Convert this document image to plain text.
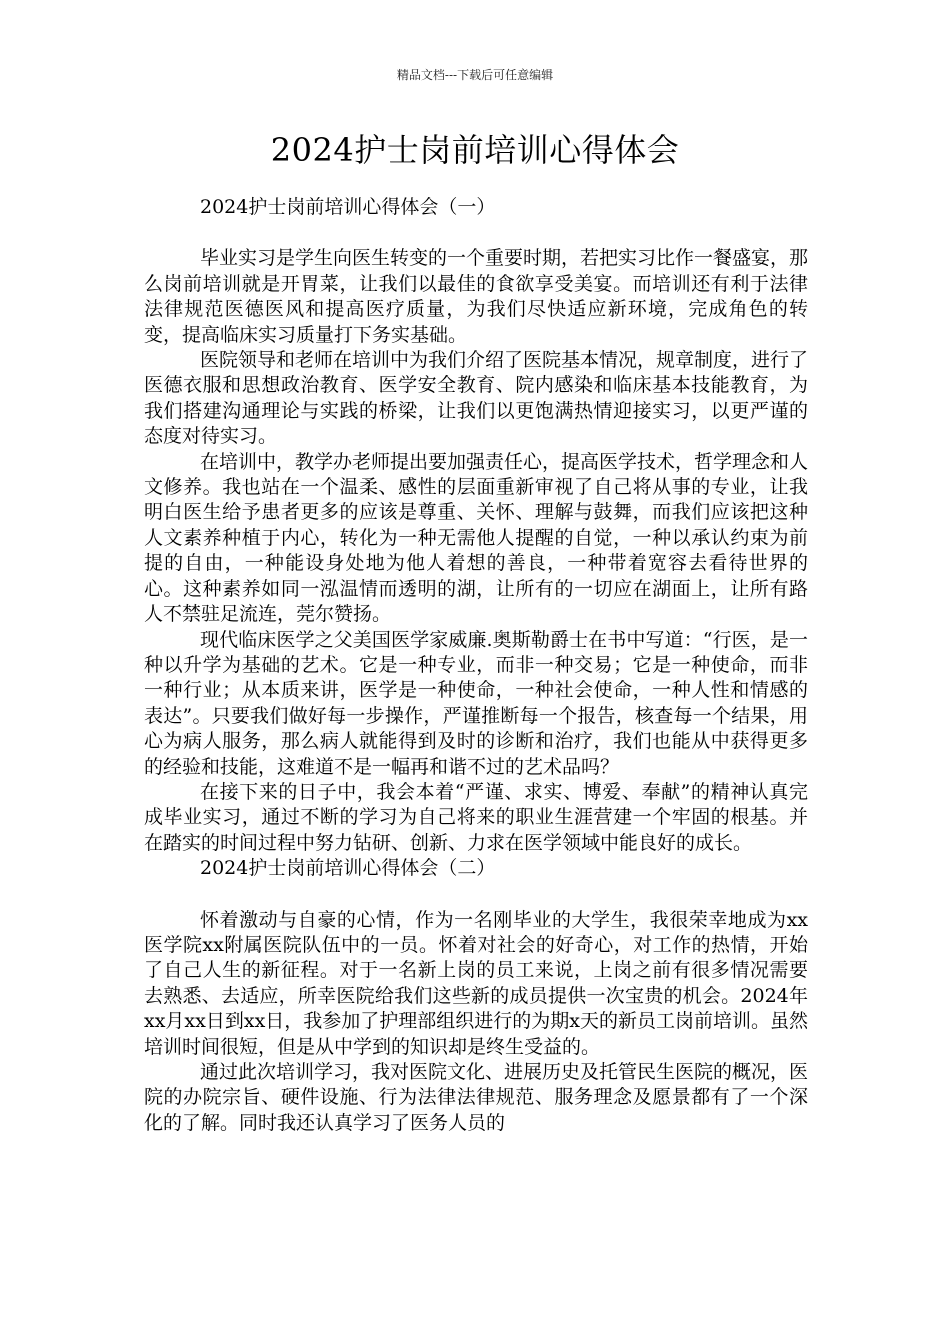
精品文档---下载后可任意编辑
2024护士岗前培训心得体会

2024护士岗前培训心得体会（一）

毕业实习是学生向医生转变的一个重要时期，若把实习比作一餐盛宴，那么岗前培训就是开胃菜，让我们以最佳的食欲享受美宴。而培训还有利于法律法律规范医德医风和提高医疗质量，为我们尽快适应新环境，完成角色的转变，提高临床实习质量打下务实基础。

医院领导和老师在培训中为我们介绍了医院基本情况，规章制度，进行了医德衣服和思想政治教育、医学安全教育、院内感染和临床基本技能教育，为我们搭建沟通理论与实践的桥梁，让我们以更饱满热情迎接实习，以更严谨的态度对待实习。

在培训中，教学办老师提出要加强责任心，提高医学技术，哲学理念和人文修养。我也站在一个温柔、感性的层面重新审视了自己将从事的专业，让我明白医生给予患者更多的应该是尊重、关怀、理解与鼓舞，而我们应该把这种人文素养种植于内心，转化为一种无需他人提醒的自觉，一种以承认约束为前提的自由，一种能设身处地为他人着想的善良，一种带着宽容去看待世界的心。这种素养如同一泓温情而透明的湖，让所有的一切应在湖面上，让所有路人不禁驻足流连，莞尔赞扬。

现代临床医学之父美国医学家威廉.奥斯勒爵士在书中写道：“行医，是一种以升学为基础的艺术。它是一种专业，而非一种交易；它是一种使命，而非一种行业；从本质来讲，医学是一种使命，一种社会使命，一种人性和情感的表达”。只要我们做好每一步操作，严谨推断每一个报告，核查每一个结果，用心为病人服务，那么病人就能得到及时的诊断和治疗，我们也能从中获得更多的经验和技能，这难道不是一幅再和谐不过的艺术品吗？

在接下来的日子中，我会本着“严谨、求实、博爱、奉献”的精神认真完成毕业实习，通过不断的学习为自己将来的职业生涯营建一个牢固的根基。并在踏实的时间过程中努力钻研、创新、力求在医学领域中能良好的成长。

2024护士岗前培训心得体会（二）

怀着激动与自豪的心情，作为一名刚毕业的大学生，我很荣幸地成为xx医学院xx附属医院队伍中的一员。怀着对社会的好奇心，对工作的热情，开始了自己人生的新征程。对于一名新上岗的员工来说，上岗之前有很多情况需要去熟悉、去适应，所幸医院给我们这些新的成员提供一次宝贵的机会。2024年xx月xx日到xx日，我参加了护理部组织进行的为期x天的新员工岗前培训。虽然培训时间很短，但是从中学到的知识却是终生受益的。

通过此次培训学习，我对医院文化、进展历史及托管民生医院的概况，医院的办院宗旨、硬件设施、行为法律法律规范、服务理念及愿景都有了一个深化的了解。同时我还认真学习了医务人员的
